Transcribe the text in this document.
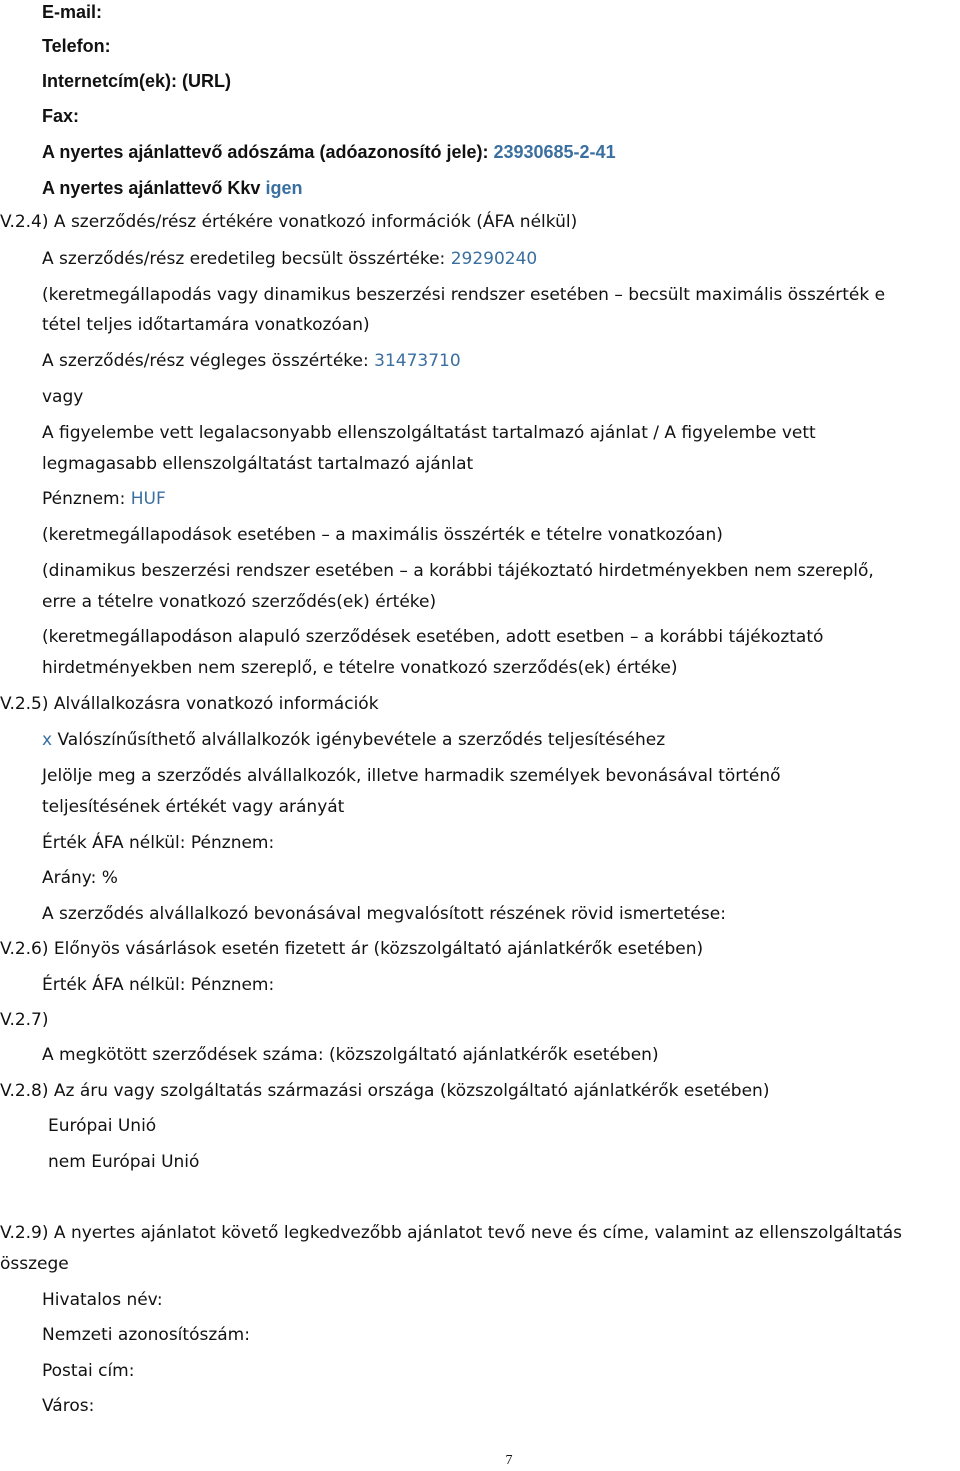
E-mail:
Telefon:
Internetcím(ek): (URL)
Fax:
A nyertes ajánlattevő adószáma (adóazonosító jele): 23930685-2-41
A nyertes ajánlattevő Kkv igen
V.2.4) A szerződés/rész értékére vonatkozó információk (ÁFA nélkül)
A szerződés/rész eredetileg becsült összértéke: 29290240
(keretmegállapodás vagy dinamikus beszerzési rendszer esetében – becsült maximális összérték e
tétel teljes időtartamára vonatkozóan)
A szerződés/rész végleges összértéke: 31473710
vagy
A figyelembe vett legalacsonyabb ellenszolgáltatást tartalmazó ajánlat / A figyelembe vett
legmagasabb ellenszolgáltatást tartalmazó ajánlat
Pénznem: HUF
(keretmegállapodások esetében – a maximális összérték e tételre vonatkozóan)
(dinamikus beszerzési rendszer esetében – a korábbi tájékoztató hirdetményekben nem szereplő,
erre a tételre vonatkozó szerződés(ek) értéke)
(keretmegállapodáson alapuló szerződések esetében, adott esetben – a korábbi tájékoztató
hirdetményekben nem szereplő, e tételre vonatkozó szerződés(ek) értéke)
V.2.5) Alvállalkozásra vonatkozó információk
x Valószínűsíthető alvállalkozók igénybevétele a szerződés teljesítéséhez
Jelölje meg a szerződés alvállalkozók, illetve harmadik személyek bevonásával történő
teljesítésének értékét vagy arányát
Érték ÁFA nélkül: Pénznem:
Arány: %
A szerződés alvállalkozó bevonásával megvalósított részének rövid ismertetése:
V.2.6) Előnyös vásárlások esetén fizetett ár (közszolgáltató ajánlatkérők esetében)
Érték ÁFA nélkül: Pénznem:
V.2.7)
A megkötött szerződések száma: (közszolgáltató ajánlatkérők esetében)
V.2.8) Az áru vagy szolgáltatás származási országa (közszolgáltató ajánlatkérők esetében)
Európai Unió
nem Európai Unió
V.2.9) A nyertes ajánlatot követő legkedvezőbb ajánlatot tevő neve és címe, valamint az ellenszolgáltatás
összege
Hivatalos név:
Nemzeti azonosítószám:
Postai cím:
Város:
7
